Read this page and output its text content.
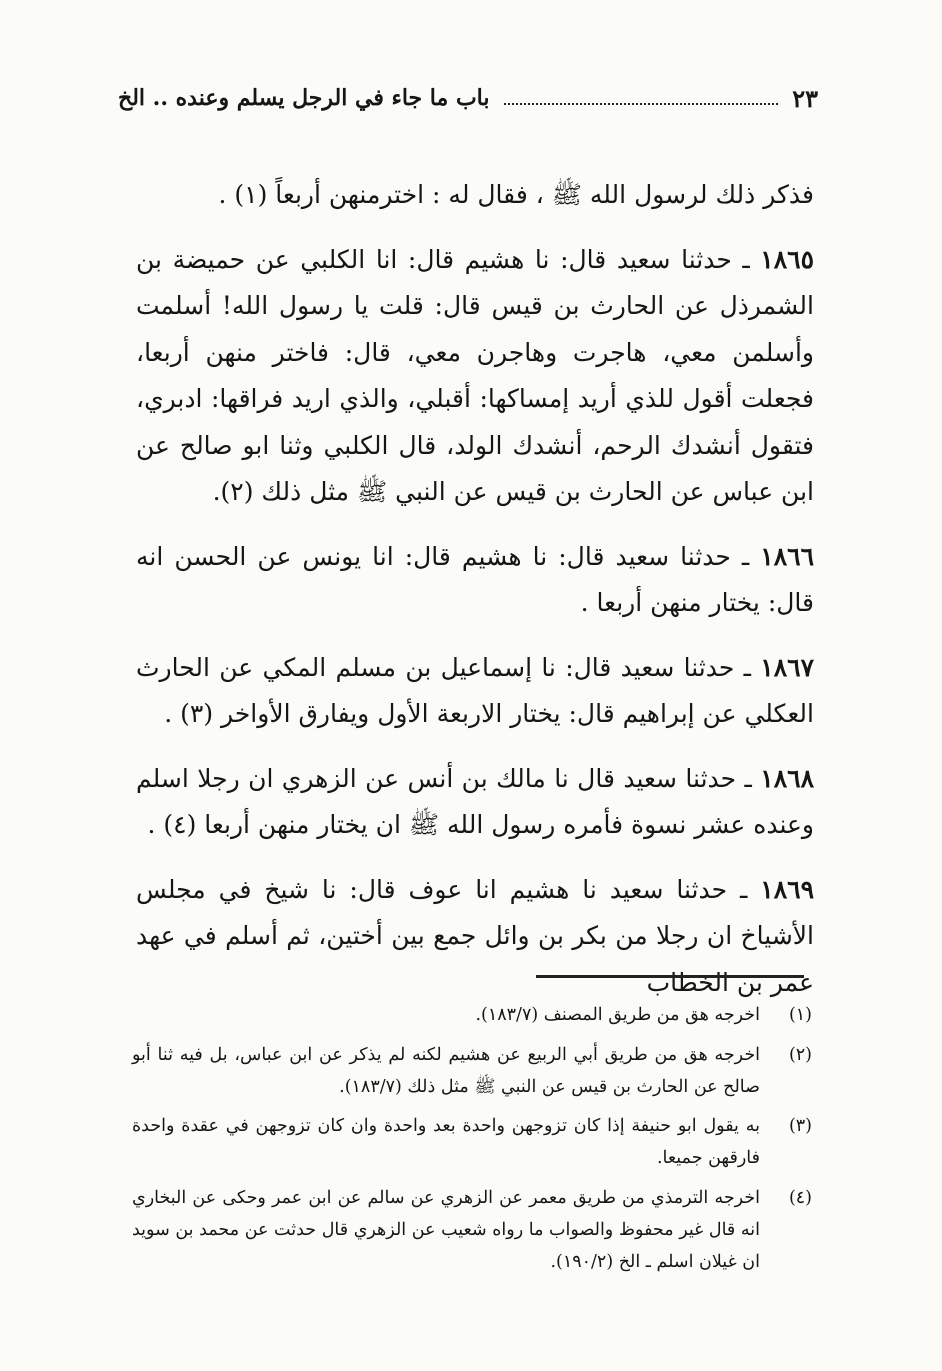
باب ما جاء في الرجل يسلم وعنده .. الخ	٢٣

فذكر ذلك لرسول الله ﷺ ، فقال له : اخترمنهن أربعاً (١) .

١٨٦٥ ـ حدثنا سعيد قال: نا هشيم قال: انا الكلبي عن حميضة بن الشمرذل عن الحارث بن قيس قال: قلت يا رسول الله! أسلمت وأسلمن معي، هاجرت وهاجرن معي، قال: فاختر منهن أربعا، فجعلت أقول للذي أريد إمساكها: أقبلي، والذي اريد فراقها: ادبري، فتقول أنشدك الرحم، أنشدك الولد، قال الكلبي وثنا ابو صالح عن ابن عباس عن الحارث بن قيس عن النبي ﷺ مثل ذلك (٢).

١٨٦٦ ـ حدثنا سعيد قال: نا هشيم قال: انا يونس عن الحسن انه قال: يختار منهن أربعا .

١٨٦٧ ـ حدثنا سعيد قال: نا إسماعيل بن مسلم المكي عن الحارث العكلي عن إبراهيم قال: يختار الاربعة الأول ويفارق الأواخر (٣) .

١٨٦٨ ـ حدثنا سعيد قال نا مالك بن أنس عن الزهري ان رجلا اسلم وعنده عشر نسوة فأمره رسول الله ﷺ ان يختار منهن أربعا (٤) .

١٨٦٩ ـ حدثنا سعيد نا هشيم انا عوف قال: نا شيخ في مجلس الأشياخ ان رجلا من بكر بن وائل جمع بين أختين، ثم أسلم في عهد عمر بن الخطاب

(١)
اخرجه هق من طريق المصنف (١٨٣/٧).
(٢)
اخرجه هق من طريق أبي الربيع عن هشيم لكنه لم يذكر عن ابن عباس، بل فيه ثنا أبو صالح عن الحارث بن قيس عن النبي ﷺ مثل ذلك (١٨٣/٧).
(٣)
به يقول ابو حنيفة إذا كان تزوجهن واحدة بعد واحدة وان كان تزوجهن في عقدة واحدة فارقهن جميعا.
(٤)
اخرجه الترمذي من طريق معمر عن الزهري عن سالم عن ابن عمر وحكى عن البخاري انه قال غير محفوظ والصواب ما رواه شعيب عن الزهري قال حدثت عن محمد بن سويد ان غيلان اسلم ـ الخ (١٩٠/٢).
